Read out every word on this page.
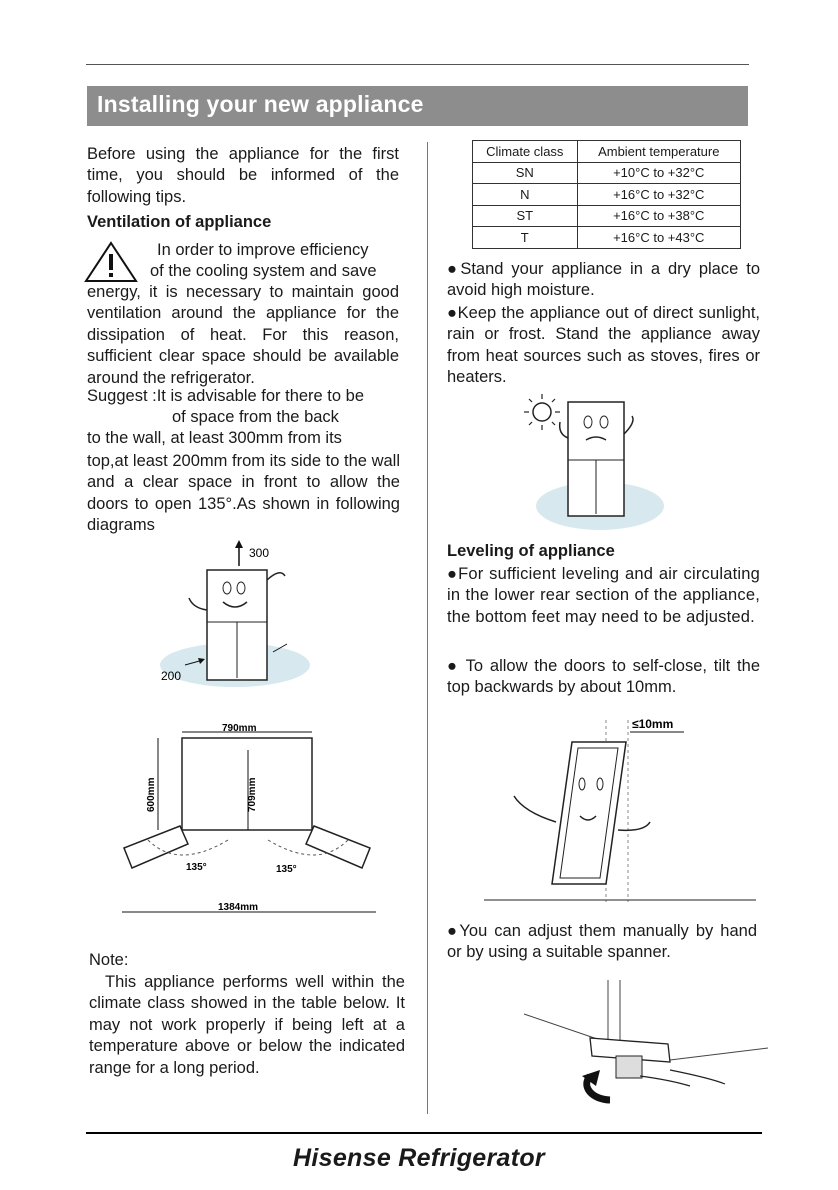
Installing your new appliance
Before using the appliance for the first time, you should be informed of the following tips.
Ventilation of appliance
In order to improve efficiency
of the cooling system and save
energy, it is necessary to maintain good ventilation around the appliance for the dissipation of heat. For this reason, sufficient clear space should be available around the refrigerator.
Suggest :It is advisable for there to be
of space from the back
to the wall, at least 300mm from its
top,at least 200mm from its side to the wall and a clear space in front to allow the doors to open 135°.As shown in following diagrams
300
200
790mm
600mm	709mm
135°	135°
1384mm
Note:
This appliance performs well within the climate class showed in the table below. It may not work properly if being left at a temperature above or below the indicated range for a long period.
Climate class	Ambient temperature
SN	+10°C to +32°C
N	+16°C to +32°C
ST	+16°C to +38°C
T	+16°C to +43°C
●Stand your appliance in a dry place to avoid high moisture.
●Keep the appliance out of direct sunlight, rain or frost. Stand the appliance away from heat sources such as stoves, fires or heaters.
Leveling of appliance
●For sufficient leveling and air circulating in the lower rear section of the appliance, the bottom feet may need to be adjusted.
● To allow the doors to self-close, tilt the top backwards by about 10mm.
≤10mm
●You can adjust them manually by hand or by using a suitable spanner.
Hisense Refrigerator
